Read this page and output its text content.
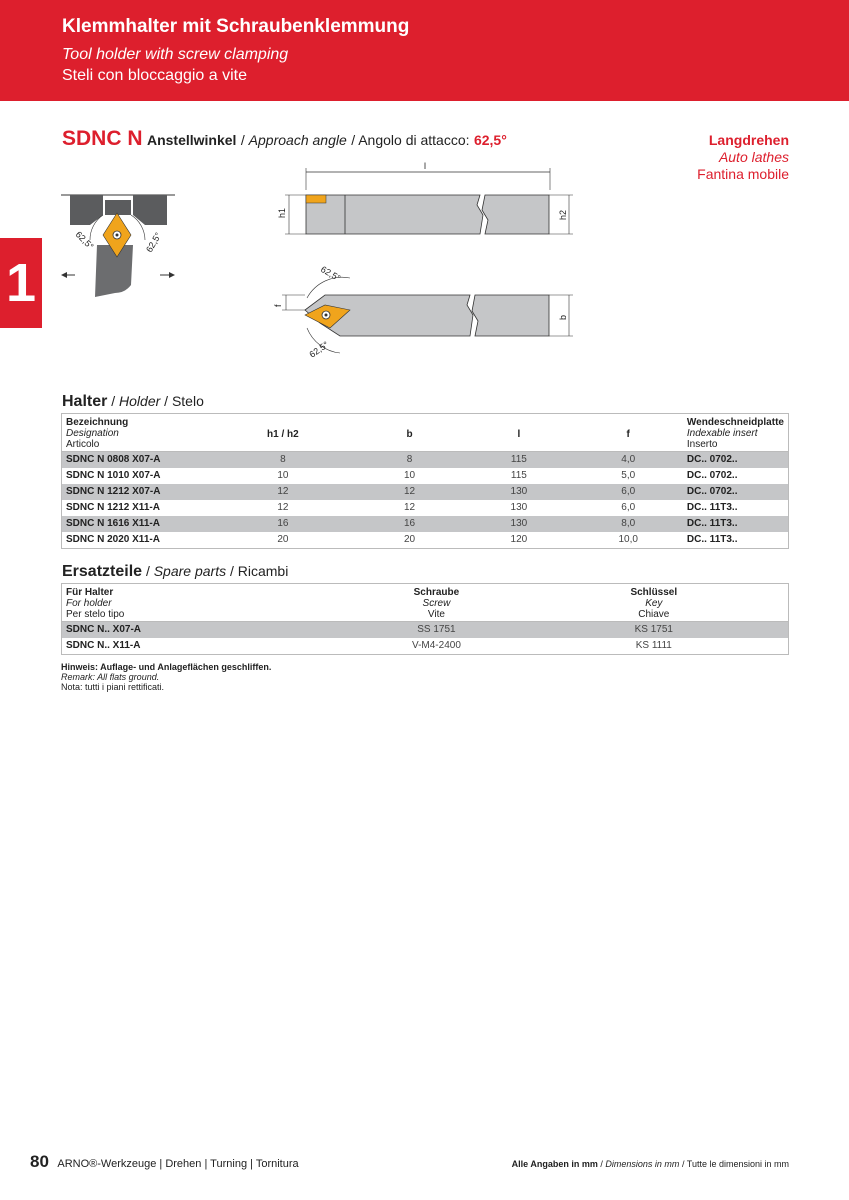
Klemmhalter mit Schraubenklemmung
Tool holder with screw clamping
Steli con bloccaggio a vite
1
SDNC N Anstellwinkel / Approach angle / Angolo di attacco: 62,5°	Langdrehen
Auto lathes
Fantina mobile
62,5°	62,5°
l
h1	h2
62,5°
62,5°
f
b
Halter / Holder / Stelo
Bezeichnung
Designation
Articolo	h1 / h2	b	l	f	Wendeschneidplatte
Indexable insert
Inserto

SDNC N 0808 X07-A	8	8	115	4,0	DC.. 0702..
SDNC N 1010 X07-A	10	10	115	5,0	DC.. 0702..
SDNC N 1212 X07-A	12	12	130	6,0	DC.. 0702..
SDNC N 1212 X11-A	12	12	130	6,0	DC.. 11T3..
SDNC N 1616 X11-A	16	16	130	8,0	DC.. 11T3..
SDNC N 2020 X11-A	20	20	120	10,0	DC.. 11T3..
Ersatzteile / Spare parts / Ricambi
Für Halter
For holder
Per stelo tipo	Schraube
Screw
Vite	Schlüssel
Key
Chiave

SDNC N.. X07-A	SS 1751	KS 1751
SDNC N.. X11-A	V-M4-2400	KS 1111
Hinweis: Auflage- und Anlageflächen geschliffen.
Remark: All flats ground.
Nota: tutti i piani rettificati.
80 ARNO®-Werkzeuge | Drehen | Turning | Tornitura	Alle Angaben in mm / Dimensions in mm / Tutte le dimensioni in mm
